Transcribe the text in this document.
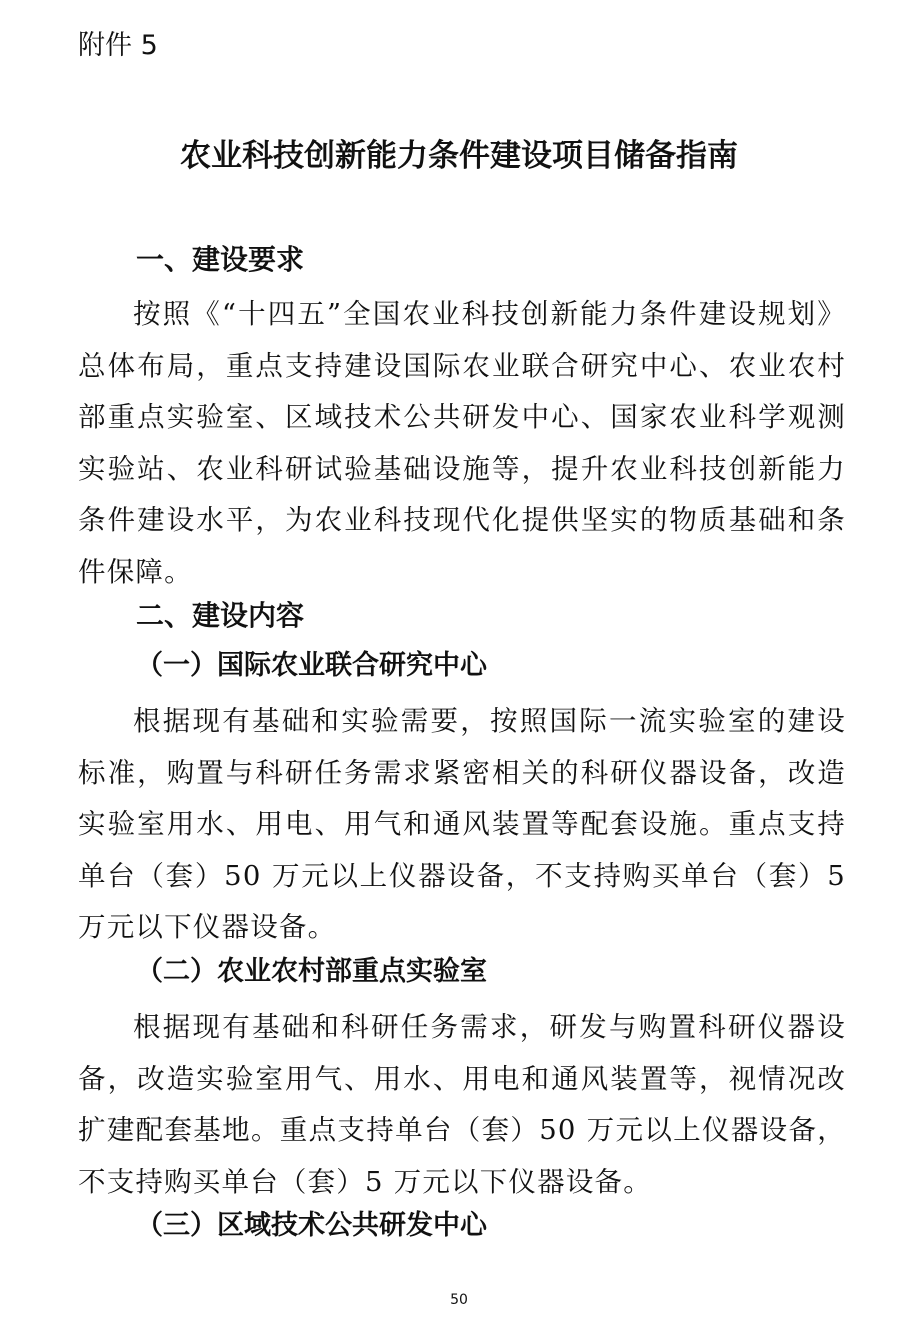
附件 5
农业科技创新能力条件建设项目储备指南
一、建设要求
按照《“十四五”全国农业科技创新能力条件建设规划》总体布局，重点支持建设国际农业联合研究中心、农业农村部重点实验室、区域技术公共研发中心、国家农业科学观测实验站、农业科研试验基础设施等，提升农业科技创新能力条件建设水平，为农业科技现代化提供坚实的物质基础和条件保障。
二、建设内容
（一）国际农业联合研究中心
根据现有基础和实验需要，按照国际一流实验室的建设标准，购置与科研任务需求紧密相关的科研仪器设备，改造实验室用水、用电、用气和通风装置等配套设施。重点支持单台（套）50 万元以上仪器设备，不支持购买单台（套）5 万元以下仪器设备。
（二）农业农村部重点实验室
根据现有基础和科研任务需求，研发与购置科研仪器设备，改造实验室用气、用水、用电和通风装置等，视情况改扩建配套基地。重点支持单台（套）50 万元以上仪器设备，不支持购买单台（套）5 万元以下仪器设备。
（三）区域技术公共研发中心
50
